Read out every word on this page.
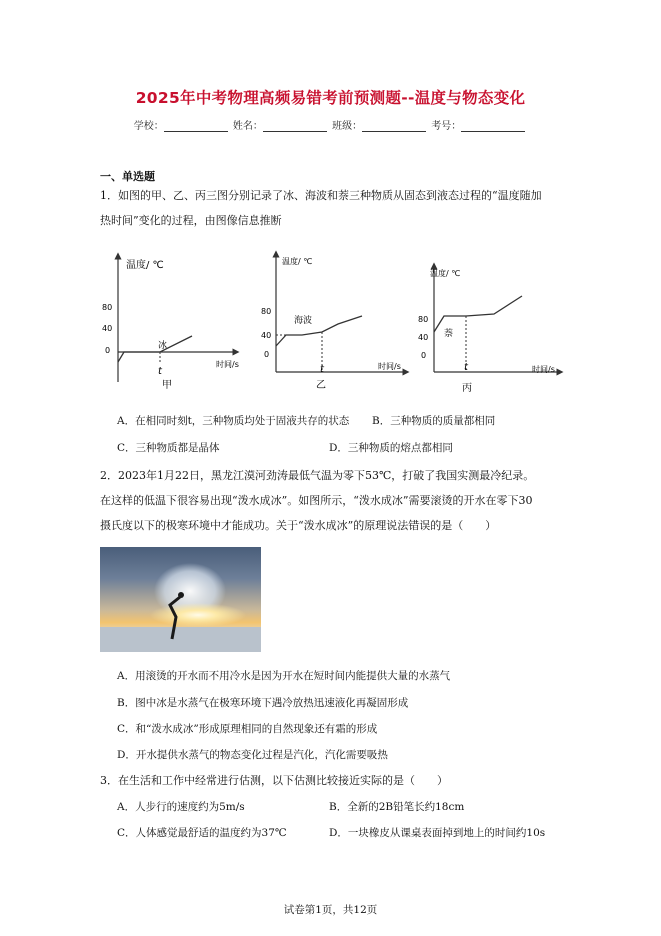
2025年中考物理高频易错考前预测题--温度与物态变化
学校：	姓名：	班级：	考号：
一、单选题

1．如图的甲、乙、丙三图分别记录了冰、海波和萘三种物质从固态到液态过程的“温度随加

热时间”变化的过程，由图像信息推断

温度/ ℃
时间/s
80
40
0	冰
t
甲
温度/ ℃
时间/s
80
40
0
海波
t
乙
温度/ ℃
时间/s
80
40
0
萘
t
丙
A．在相同时刻t，三种物质均处于固液共存的状态 B．三种物质的质量都相同
C．三种物质都是晶体	D．三种物质的熔点都相同

2．2023年1月22日，黑龙江漠河劲涛最低气温为零下53℃，打破了我国实测最冷纪录。

在这样的低温下很容易出现“泼水成冰”。如图所示，“泼水成冰”需要滚烫的开水在零下30

摄氏度以下的极寒环境中才能成功。关于“泼水成冰”的原理说法错误的是（　　）

A．用滚烫的开水而不用冷水是因为开水在短时间内能提供大量的水蒸气
B．图中冰是水蒸气在极寒环境下遇冷放热迅速液化再凝固形成
C．和“泼水成冰”形成原理相同的自然现象还有霜的形成
D．开水提供水蒸气的物态变化过程是汽化，汽化需要吸热

3．在生活和工作中经常进行估测，以下估测比较接近实际的是（　　）

A．人步行的速度约为5m/s	B．全新的2B铅笔长约18cm
C．人体感觉最舒适的温度约为37℃	D．一块橡皮从课桌表面掉到地上的时间约10s
试卷第1页，共12页
